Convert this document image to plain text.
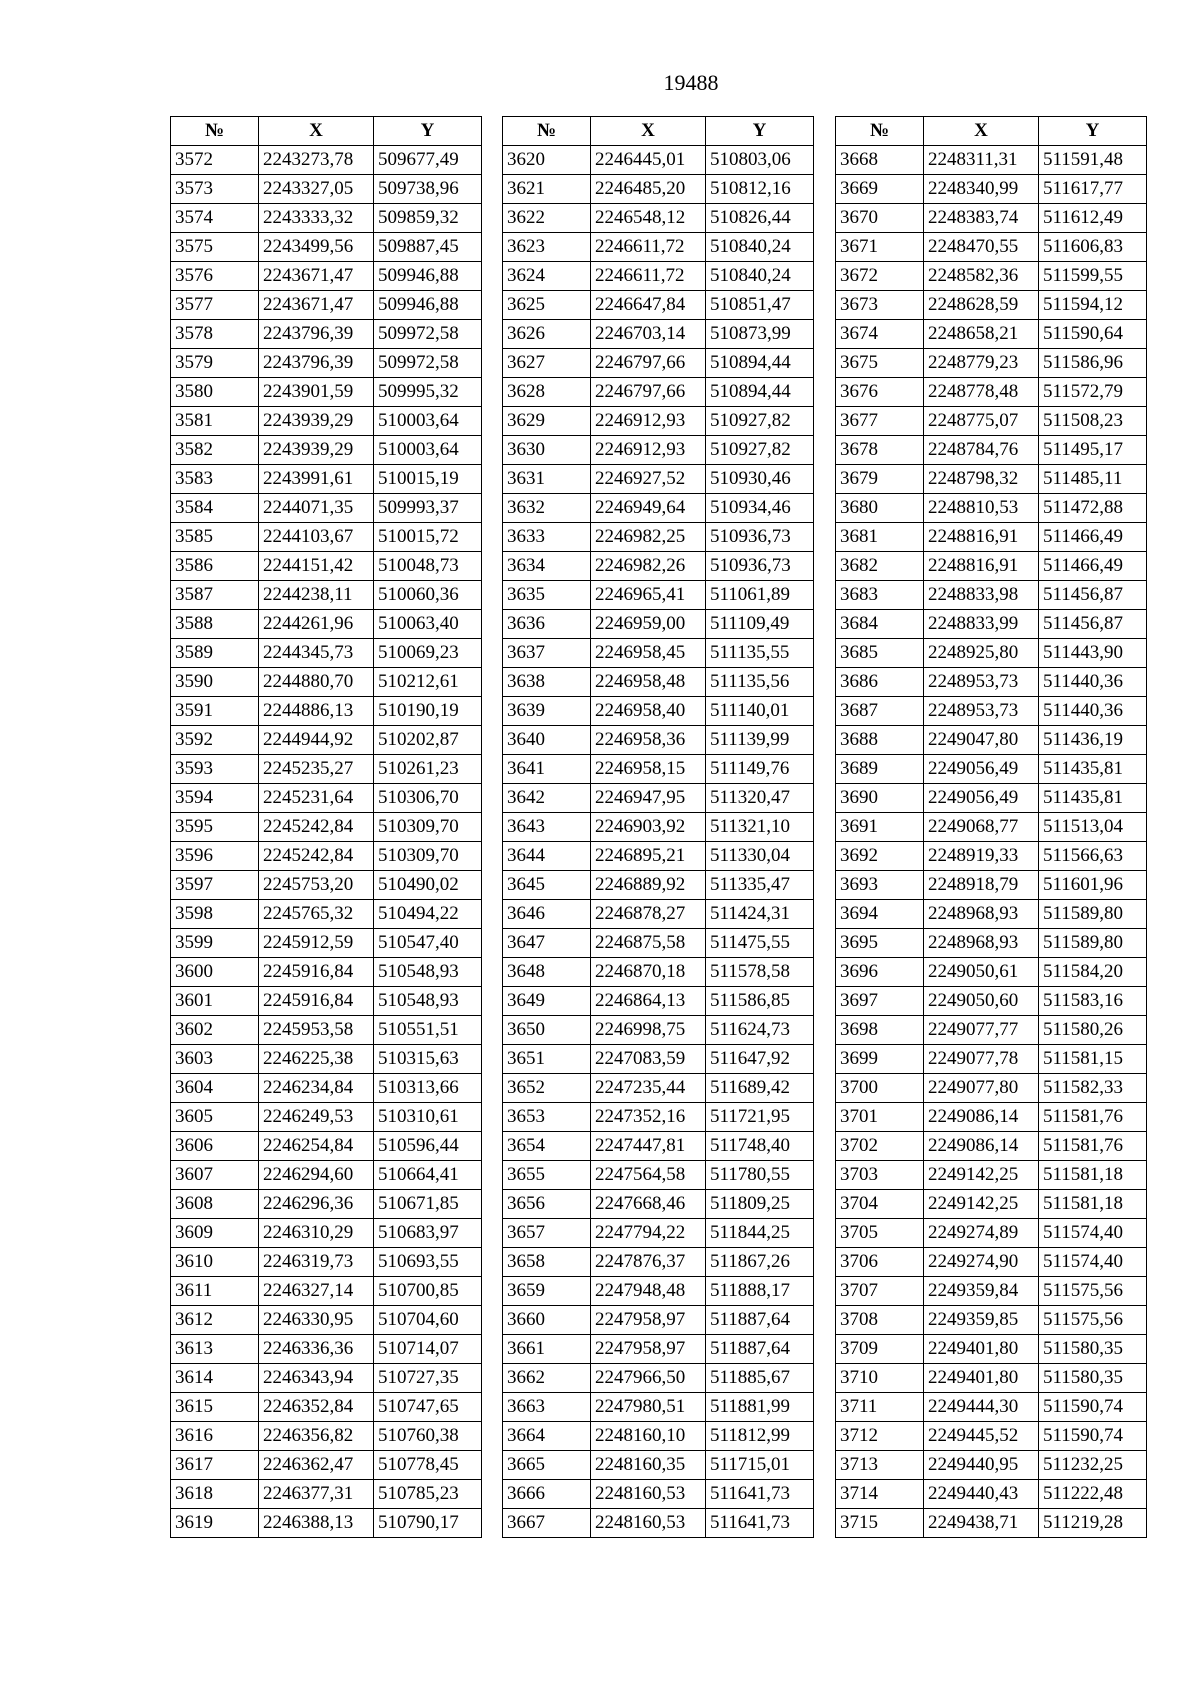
19488
№	X	Y
3572	2243273,78	509677,49
3573	2243327,05	509738,96
3574	2243333,32	509859,32
3575	2243499,56	509887,45
3576	2243671,47	509946,88
3577	2243671,47	509946,88
3578	2243796,39	509972,58
3579	2243796,39	509972,58
3580	2243901,59	509995,32
3581	2243939,29	510003,64
3582	2243939,29	510003,64
3583	2243991,61	510015,19
3584	2244071,35	509993,37
3585	2244103,67	510015,72
3586	2244151,42	510048,73
3587	2244238,11	510060,36
3588	2244261,96	510063,40
3589	2244345,73	510069,23
3590	2244880,70	510212,61
3591	2244886,13	510190,19
3592	2244944,92	510202,87
3593	2245235,27	510261,23
3594	2245231,64	510306,70
3595	2245242,84	510309,70
3596	2245242,84	510309,70
3597	2245753,20	510490,02
3598	2245765,32	510494,22
3599	2245912,59	510547,40
3600	2245916,84	510548,93
3601	2245916,84	510548,93
3602	2245953,58	510551,51
3603	2246225,38	510315,63
3604	2246234,84	510313,66
3605	2246249,53	510310,61
3606	2246254,84	510596,44
3607	2246294,60	510664,41
3608	2246296,36	510671,85
3609	2246310,29	510683,97
3610	2246319,73	510693,55
3611	2246327,14	510700,85
3612	2246330,95	510704,60
3613	2246336,36	510714,07
3614	2246343,94	510727,35
3615	2246352,84	510747,65
3616	2246356,82	510760,38
3617	2246362,47	510778,45
3618	2246377,31	510785,23
3619	2246388,13	510790,17
№	X	Y
3620	2246445,01	510803,06
3621	2246485,20	510812,16
3622	2246548,12	510826,44
3623	2246611,72	510840,24
3624	2246611,72	510840,24
3625	2246647,84	510851,47
3626	2246703,14	510873,99
3627	2246797,66	510894,44
3628	2246797,66	510894,44
3629	2246912,93	510927,82
3630	2246912,93	510927,82
3631	2246927,52	510930,46
3632	2246949,64	510934,46
3633	2246982,25	510936,73
3634	2246982,26	510936,73
3635	2246965,41	511061,89
3636	2246959,00	511109,49
3637	2246958,45	511135,55
3638	2246958,48	511135,56
3639	2246958,40	511140,01
3640	2246958,36	511139,99
3641	2246958,15	511149,76
3642	2246947,95	511320,47
3643	2246903,92	511321,10
3644	2246895,21	511330,04
3645	2246889,92	511335,47
3646	2246878,27	511424,31
3647	2246875,58	511475,55
3648	2246870,18	511578,58
3649	2246864,13	511586,85
3650	2246998,75	511624,73
3651	2247083,59	511647,92
3652	2247235,44	511689,42
3653	2247352,16	511721,95
3654	2247447,81	511748,40
3655	2247564,58	511780,55
3656	2247668,46	511809,25
3657	2247794,22	511844,25
3658	2247876,37	511867,26
3659	2247948,48	511888,17
3660	2247958,97	511887,64
3661	2247958,97	511887,64
3662	2247966,50	511885,67
3663	2247980,51	511881,99
3664	2248160,10	511812,99
3665	2248160,35	511715,01
3666	2248160,53	511641,73
3667	2248160,53	511641,73
№	X	Y
3668	2248311,31	511591,48
3669	2248340,99	511617,77
3670	2248383,74	511612,49
3671	2248470,55	511606,83
3672	2248582,36	511599,55
3673	2248628,59	511594,12
3674	2248658,21	511590,64
3675	2248779,23	511586,96
3676	2248778,48	511572,79
3677	2248775,07	511508,23
3678	2248784,76	511495,17
3679	2248798,32	511485,11
3680	2248810,53	511472,88
3681	2248816,91	511466,49
3682	2248816,91	511466,49
3683	2248833,98	511456,87
3684	2248833,99	511456,87
3685	2248925,80	511443,90
3686	2248953,73	511440,36
3687	2248953,73	511440,36
3688	2249047,80	511436,19
3689	2249056,49	511435,81
3690	2249056,49	511435,81
3691	2249068,77	511513,04
3692	2248919,33	511566,63
3693	2248918,79	511601,96
3694	2248968,93	511589,80
3695	2248968,93	511589,80
3696	2249050,61	511584,20
3697	2249050,60	511583,16
3698	2249077,77	511580,26
3699	2249077,78	511581,15
3700	2249077,80	511582,33
3701	2249086,14	511581,76
3702	2249086,14	511581,76
3703	2249142,25	511581,18
3704	2249142,25	511581,18
3705	2249274,89	511574,40
3706	2249274,90	511574,40
3707	2249359,84	511575,56
3708	2249359,85	511575,56
3709	2249401,80	511580,35
3710	2249401,80	511580,35
3711	2249444,30	511590,74
3712	2249445,52	511590,74
3713	2249440,95	511232,25
3714	2249440,43	511222,48
3715	2249438,71	511219,28
